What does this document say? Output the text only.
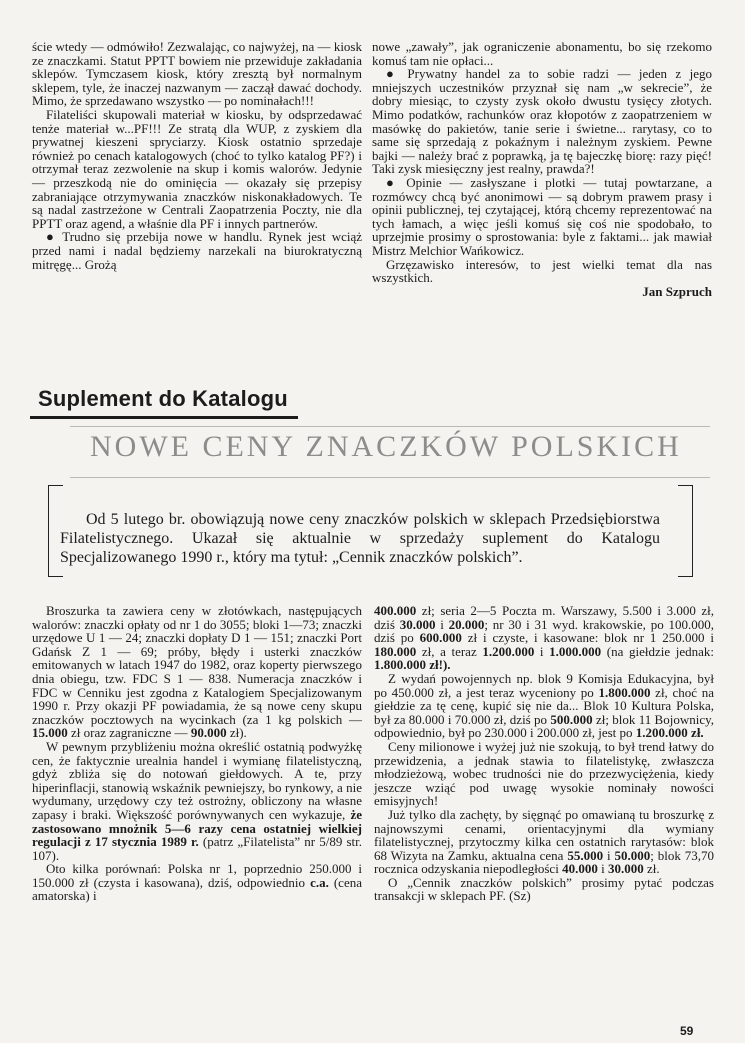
ście wtedy — odmówiło! Zezwalając, co najwyżej, na — kiosk ze znaczkami. Statut PPTT bowiem nie przewiduje zakładania sklepów. Tymczasem kiosk, który zresztą był normalnym sklepem, tyle, że inaczej nazwanym — zaczął dawać dochody. Mimo, że sprzedawano wszystko — po nominałach!!!

Filateliści skupowali materiał w kiosku, by odsprzedawać tenże materiał w...PF!!! Ze stratą dla WUP, z zyskiem dla prywatnej kieszeni spryciarzy. Kiosk ostatnio sprzedaje również po cenach katalogowych (choć to tylko katalog PF?) i otrzymał teraz zezwolenie na skup i komis walorów. Jedynie — przeszkodą nie do ominięcia — okazały się przepisy zabraniające otrzymywania znaczków niskonakładowych. Te są nadal zastrzeżone w Centrali Zaopatrzenia Poczty, nie dla PPTT oraz agend, a właśnie dla PF i innych partnerów.

● Trudno się przebija nowe w handlu. Rynek jest wciąż przed nami i nadal będziemy narzekali na biurokratyczną mitręgę... Grożą

nowe „zawały”, jak ograniczenie abonamentu, bo się rzekomo komuś tam nie opłaci...

● Prywatny handel za to sobie radzi — jeden z jego mniejszych uczestników przyznał się nam „w sekrecie”, że dobry miesiąc, to czysty zysk około dwustu tysięcy złotych. Mimo podatków, rachunków oraz kłopotów z zaopatrzeniem w masówkę do pakietów, tanie serie i świetne... rarytasy, co to same się sprzedają z pokaźnym i należnym zyskiem. Pewne bajki — należy brać z poprawką, ja tę bajeczkę biorę: razy pięć! Taki zysk miesięczny jest realny, prawda?!

● Opinie — zasłyszane i plotki — tutaj powtarzane, a rozmówcy chcą być anonimowi — są dobrym prawem prasy i opinii publicznej, tej czytającej, którą chcemy reprezentować na tych łamach, a więc jeśli komuś się coś nie spodobało, to uprzejmie prosimy o sprostowania: byle z faktami... jak mawiał Mistrz Melchior Wańkowicz.

Grzęzawisko interesów, to jest wielki temat dla nas wszystkich.

Jan Szpruch

Suplement do Katalogu
NOWE CENY ZNACZKÓW POLSKICH

Od 5 lutego br. obowiązują nowe ceny znaczków polskich w sklepach Przedsiębiorstwa Filatelistycznego. Ukazał się aktualnie w sprzedaży suplement do Katalogu Specjalizowanego 1990 r., który ma tytuł: „Cennik znaczków polskich”.

Broszurka ta zawiera ceny w złotówkach, następujących walorów: znaczki opłaty od nr 1 do 3055; bloki 1—73; znaczki urzędowe U 1 — 24; znaczki dopłaty D 1 — 151; znaczki Port Gdańsk Z 1 — 69; próby, błędy i usterki znaczków emitowanych w latach 1947 do 1982, oraz koperty pierwszego dnia obiegu, tzw. FDC S 1 — 838. Numeracja znaczków i FDC w Cenniku jest zgodna z Katalogiem Specjalizowanym 1990 r. Przy okazji PF powiadamia, że są nowe ceny skupu znaczków pocztowych na wycinkach (za 1 kg polskich — 15.000 zł oraz zagraniczne — 90.000 zł).

W pewnym przybliżeniu można określić ostatnią podwyżkę cen, że faktycznie urealnia handel i wymianę filatelistyczną, gdyż zbliża się do notowań giełdowych. A te, przy hiperinflacji, stanowią wskaźnik pewniejszy, bo rynkowy, a nie wydumany, urzędowy czy też ostrożny, obliczony na własne zapasy i braki. Większość porównywanych cen wykazuje, że zastosowano mnożnik 5—6 razy cena ostatniej wielkiej regulacji z 17 stycznia 1989 r. (patrz „Filatelista” nr 5/89 str. 107).

Oto kilka porównań: Polska nr 1, poprzednio 250.000 i 150.000 zł (czysta i kasowana), dziś, odpowiednio c.a. (cena amatorska) i

400.000 zł; seria 2—5 Poczta m. Warszawy, 5.500 i 3.000 zł, dziś 30.000 i 20.000; nr 30 i 31 wyd. krakowskie, po 100.000, dziś po 600.000 zł i czyste, i kasowane: blok nr 1 250.000 i 180.000 zł, a teraz 1.200.000 i 1.000.000 (na giełdzie jednak: 1.800.000 zł!).

Z wydań powojennych np. blok 9 Komisja Edukacyjna, był po 450.000 zł, a jest teraz wyceniony po 1.800.000 zł, choć na giełdzie za tę cenę, kupić się nie da... Blok 10 Kultura Polska, był za 80.000 i 70.000 zł, dziś po 500.000 zł; blok 11 Bojownicy, odpowiednio, był po 230.000 i 200.000 zł, jest po 1.200.000 zł.

Ceny milionowe i wyżej już nie szokują, to był trend łatwy do przewidzenia, a jednak stawia to filatelistykę, zwłaszcza młodzieżową, wobec trudności nie do przezwyciężenia, kiedy jeszcze wziąć pod uwagę wysokie nominały nowości emisyjnych!

Już tylko dla zachęty, by sięgnąć po omawianą tu broszurkę z najnowszymi cenami, orientacyjnymi dla wymiany filatelistycznej, przytoczmy kilka cen ostatnich rarytasów: blok 68 Wizyta na Zamku, aktualna cena 55.000 i 50.000; blok 73,70 rocznica odzyskania niepodległości 40.000 i 30.000 zł.

O „Cennik znaczków polskich” prosimy pytać podczas transakcji w sklepach PF. (Sz)

59
